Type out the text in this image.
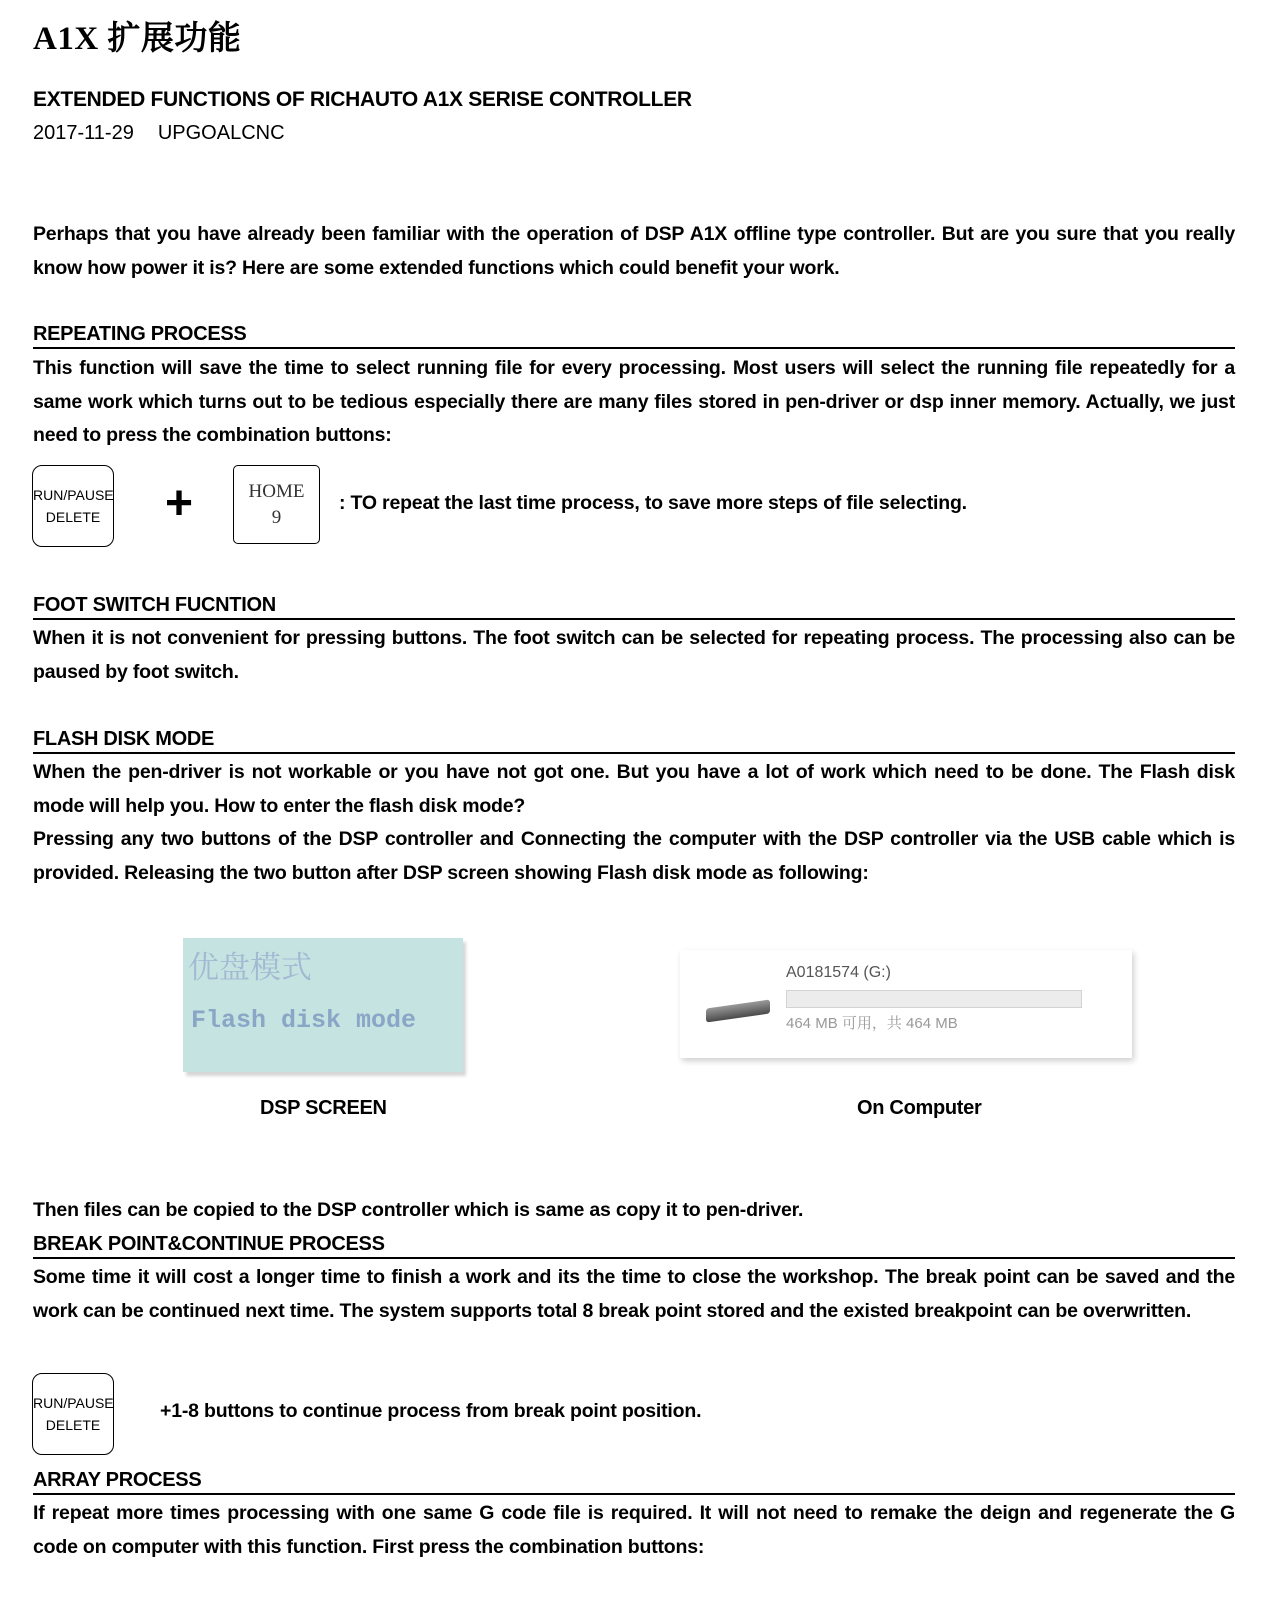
A1X 扩展功能
EXTENDED FUNCTIONS OF RICHAUTO A1X SERISE CONTROLLER
2017-11-29 UPGOALCNC

Perhaps that you have already been familiar with the operation of DSP A1X offline type controller. But are you sure that you really know how power it is? Here are some extended functions which could benefit your work.

REPEATING PROCESS

This function will save the time to select running file for every processing. Most users will select the running file repeatedly for a same work which turns out to be tedious especially there are many files stored in pen-driver or dsp inner memory. Actually, we just need to press the combination buttons:

RUN/PAUSE
DELETE +	HOME
9
: TO repeat the last time process, to save more steps of file selecting.
FOOT SWITCH FUCNTION

When it is not convenient for pressing buttons. The foot switch can be selected for repeating process. The processing also can be paused by foot switch.

FLASH DISK MODE

When the pen-driver is not workable or you have not got one. But you have a lot of work which need to be done. The Flash disk mode will help you. How to enter the flash disk mode?

Pressing any two buttons of the DSP controller and Connecting the computer with the DSP controller via the USB cable which is provided. Releasing the two button after DSP screen showing Flash disk mode as following:

优盘模式
Flash disk mode
A0181574 (G:)
464 MB 可用，共 464 MB
DSP SCREEN	On Computer

Then files can be copied to the DSP controller which is same as copy it to pen-driver.

BREAK POINT&CONTINUE PROCESS

Some time it will cost a longer time to finish a work and its the time to close the workshop. The break point can be saved and the work can be continued next time. The system supports total 8 break point stored and the existed breakpoint can be overwritten.

RUN/PAUSE
DELETE
+1-8 buttons to continue process from break point position.
ARRAY PROCESS

If repeat more times processing with one same G code file is required. It will not need to remake the deign and regenerate the G code on computer with this function. First press the combination buttons:
